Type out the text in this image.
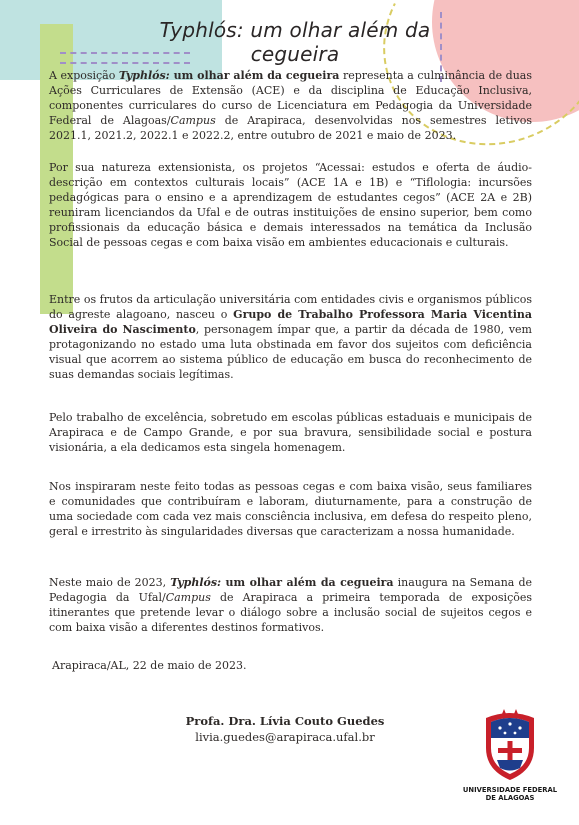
Typhlós: um olhar além da cegueira

A exposição Typhlós: um olhar além da cegueira representa a culminância de duas Ações Curriculares de Extensão (ACE) e da disciplina de Educação Inclusiva, componentes curriculares do curso de Licenciatura em Pedagogia da Universidade Federal de Alagoas/Campus de Arapiraca, desenvolvidas nos semestres letivos 2021.1, 2021.2, 2022.1 e 2022.2, entre outubro de 2021 e maio de 2023.

Por sua natureza extensionista, os projetos “Acessai: estudos e oferta de áudio-descrição em contextos culturais locais” (ACE 1A e 1B) e “Tiflologia: incursões pedagógicas para o ensino e a aprendizagem de estudantes cegos” (ACE 2A e 2B) reuniram licenciandos da Ufal e de outras instituições de ensino superior, bem como profissionais da educação básica e demais interessados na temática da Inclusão Social de pessoas cegas e com baixa visão em ambientes educacionais e culturais.

Entre os frutos da articulação universitária com entidades civis e organismos públicos do agreste alagoano, nasceu o Grupo de Trabalho Professora Maria Vicentina Oliveira do Nascimento, personagem ímpar que, a partir da década de 1980, vem protagonizando no estado uma luta obstinada em favor dos sujeitos com deficiência visual que acorrem ao sistema público de educação em busca do reconhecimento de suas demandas sociais legítimas.

Pelo trabalho de excelência, sobretudo em escolas públicas estaduais e municipais de Arapiraca e de Campo Grande, e por sua bravura, sensibilidade social e postura visionária, a ela dedicamos esta singela homenagem.

Nos inspiraram neste feito todas as pessoas cegas e com baixa visão, seus familiares e comunidades que contribuíram e laboram, diuturnamente, para a construção de uma sociedade com cada vez mais consciência inclusiva, em defesa do respeito pleno, geral e irrestrito às singularidades diversas que caracterizam a nossa humanidade.

Neste maio de 2023, Typhlós: um olhar além da cegueira inaugura na Semana de Pedagogia da Ufal/Campus de Arapiraca a primeira temporada de exposições itinerantes que pretende levar o diálogo sobre a inclusão social de sujeitos cegos e com baixa visão a diferentes destinos formativos.

Arapiraca/AL, 22 de maio de 2023.

Profa. Dra. Lívia Couto Guedes
livia.guedes@arapiraca.ufal.br
UNIVERSIDADE FEDERAL
DE ALAGOAS
